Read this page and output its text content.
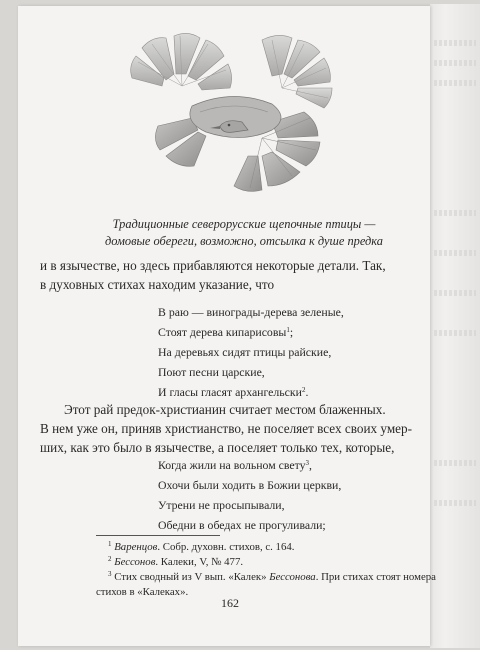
Традиционные северорусские щепочные птицы —
домовые обереги, возможно, отсылка к душе предка
и в язычестве, но здесь прибавляются некоторые детали. Так,
в духовных стихах находим указание, что
В раю — винограды-дерева зеленые,
Стоят дерева кипарисовы$^1$;
На деревьях сидят птицы райские,
Поют песни царские,
И гласы гласят архангельски$^2$.
Этот рай предок-христианин считает местом блаженных.
В нем уже он, приняв христианство, не поселяет всех своих умер-
ших, как это было в язычестве, а поселяет только тех, которые,
Когда жили на вольном свету$^3$,
Охочи были ходить в Божии церкви,
Утрени не просыпывали,
Обедни в обедах не прогуливали;
$^1$ Варенцов. Собр. духовн. стихов, с. 164.
$^2$ Бессонов. Калеки, V, № 477.
$^3$ Стих сводный из V вып. «Калек» Бессонова. При стихах стоят номера
стихов в «Калеках».
162
